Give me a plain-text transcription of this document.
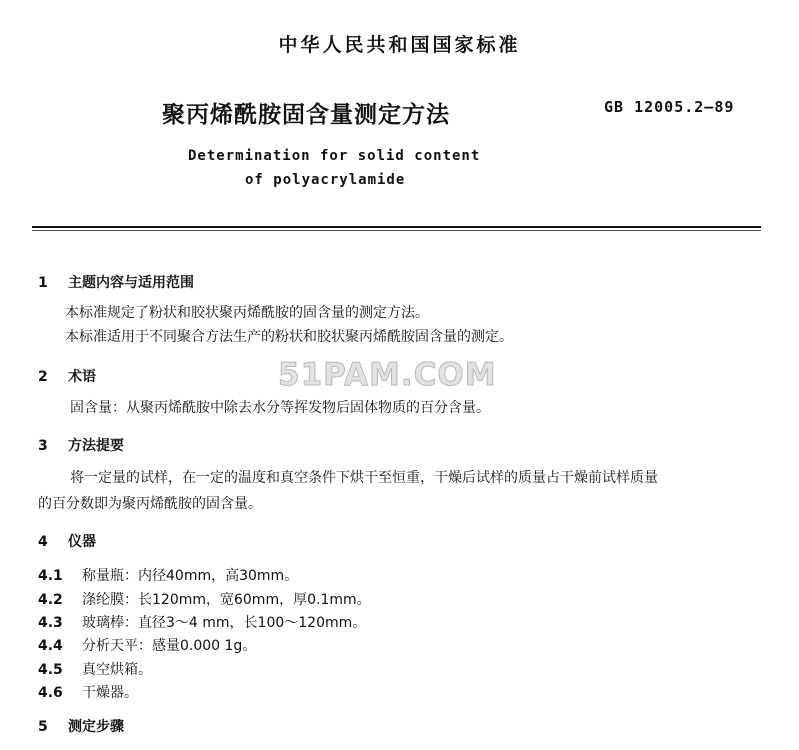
中华人民共和国国家标准
聚丙烯酰胺固含量测定方法	GB 12005.2—89
Determination for solid content
of polyacrylamide
1 主题内容与适用范围
本标准规定了粉状和胶状聚丙烯酰胺的固含量的测定方法。
本标准适用于不同聚合方法生产的粉状和胶状聚丙烯酰胺固含量的测定。
2 术语
固含量：从聚丙烯酰胺中除去水分等挥发物后固体物质的百分含量。
3 方法提要
将一定量的试样，在一定的温度和真空条件下烘干至恒重，干燥后试样的质量占干燥前试样质量
的百分数即为聚丙烯酰胺的固含量。
4 仪器
4.1 称量瓶：内径40mm，高30mm。
4.2 涤纶膜：长120mm，宽60mm，厚0.1mm。
4.3 玻璃棒：直径3～4 mm，长100～120mm。
4.4 分析天平：感量0.000 1g。
4.5 真空烘箱。
4.6 干燥器。
5 测定步骤
51PAM.COM
